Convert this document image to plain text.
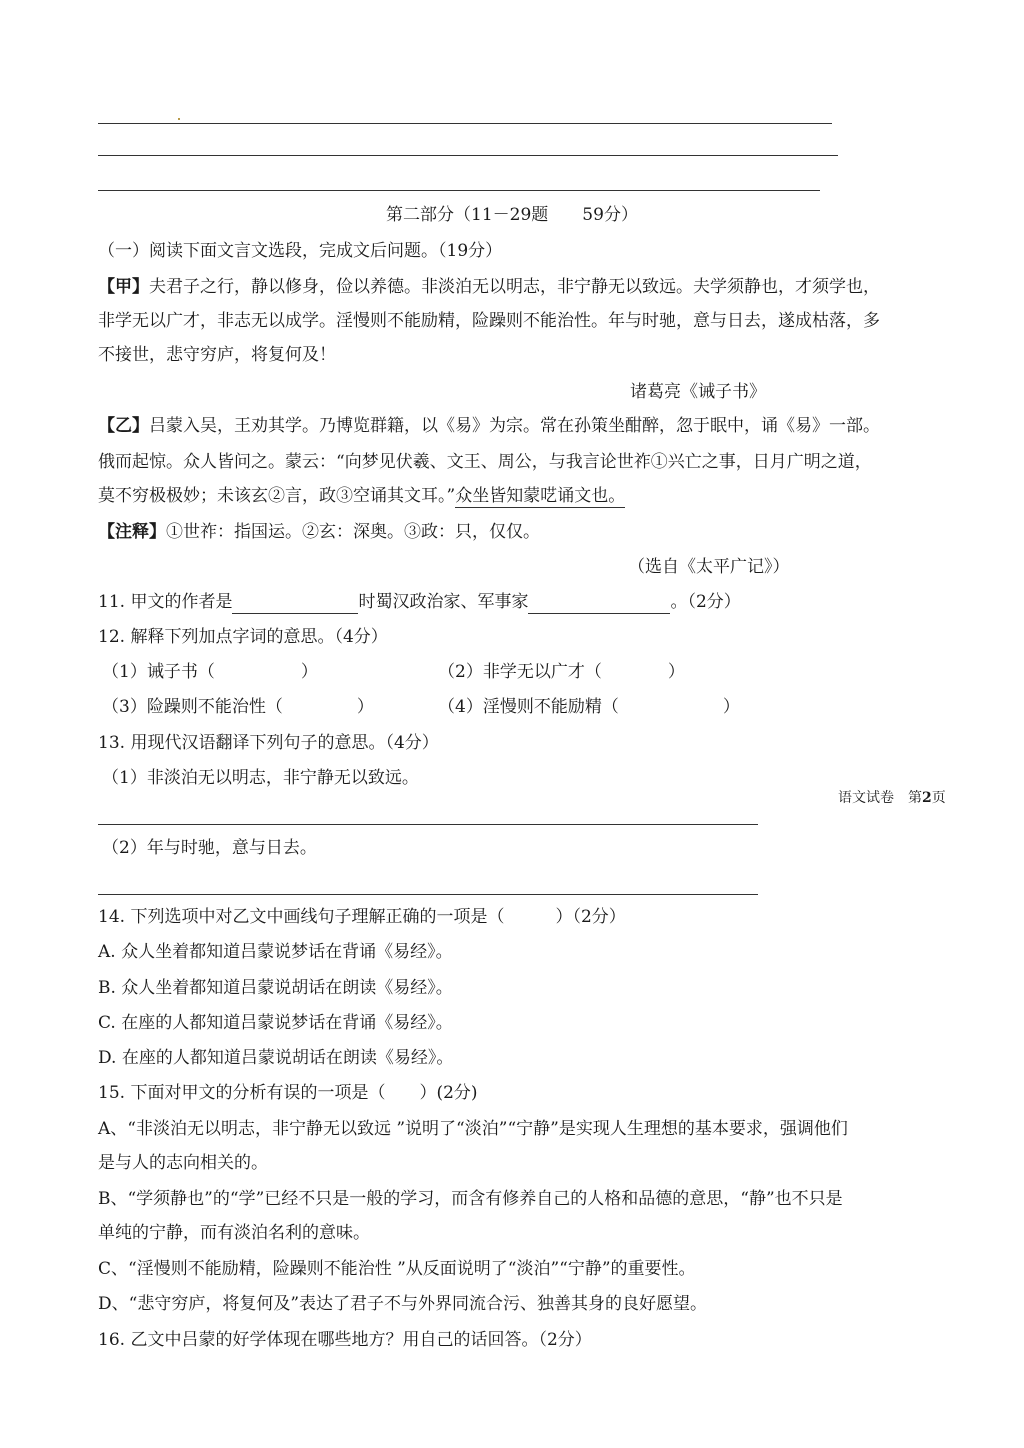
第二部分（11－29题　　59分）
（一）阅读下面文言文选段，完成文后问题。（19分）
【甲】夫君子之行，静以修身，俭以养德。非淡泊无以明志，非宁静无以致远。夫学须静也，才须学也，
非学无以广才，非志无以成学。淫慢则不能励精，险躁则不能治性。年与时驰，意与日去，遂成枯落，多
不接世，悲守穷庐，将复何及！
诸葛亮《诫子书》
【乙】吕蒙入吴，王劝其学。乃博览群籍，以《易》为宗。常在孙策坐酣醉，忽于眠中，诵《易》一部。
俄而起惊。众人皆问之。蒙云：“向梦见伏羲、文王、周公，与我言论世祚①兴亡之事，日月广明之道，
莫不穷极极妙；未该玄②言，政③空诵其文耳。”众坐皆知蒙呓诵文也。
【注释】①世祚：指国运。②玄：深奥。③政：只，仅仅。
（选自《太平广记》）
11. 甲文的作者是	时蜀汉政治家、军事家	。（2分）
12. 解释下列加点字词的意思。（4分）
（1）诫子书（	）	（2）非学无以广才（	）
（3）险躁则不能治性（	）	（4）淫慢则不能励精（	）
13. 用现代汉语翻译下列句子的意思。（4分）
（1）非淡泊无以明志，非宁静无以致远。
语文试卷　第2页
（2）年与时驰，意与日去。
14. 下列选项中对乙文中画线句子理解正确的一项是（　　　）（2分）
A. 众人坐着都知道吕蒙说梦话在背诵《易经》。
B. 众人坐着都知道吕蒙说胡话在朗读《易经》。
C. 在座的人都知道吕蒙说梦话在背诵《易经》。
D. 在座的人都知道吕蒙说胡话在朗读《易经》。
15. 下面对甲文的分析有误的一项是（　　）(2分)
A、“非淡泊无以明志，非宁静无以致远 ”说明了“淡泊”“宁静”是实现人生理想的基本要求，强调他们
是与人的志向相关的。
B、“学须静也”的“学”已经不只是一般的学习，而含有修养自己的人格和品德的意思，“静”也不只是
单纯的宁静，而有淡泊名利的意味。
C、“淫慢则不能励精，险躁则不能治性 ”从反面说明了“淡泊”“宁静”的重要性。
D、“悲守穷庐，将复何及”表达了君子不与外界同流合污、独善其身的良好愿望。
16. 乙文中吕蒙的好学体现在哪些地方？用自己的话回答。（2分）
